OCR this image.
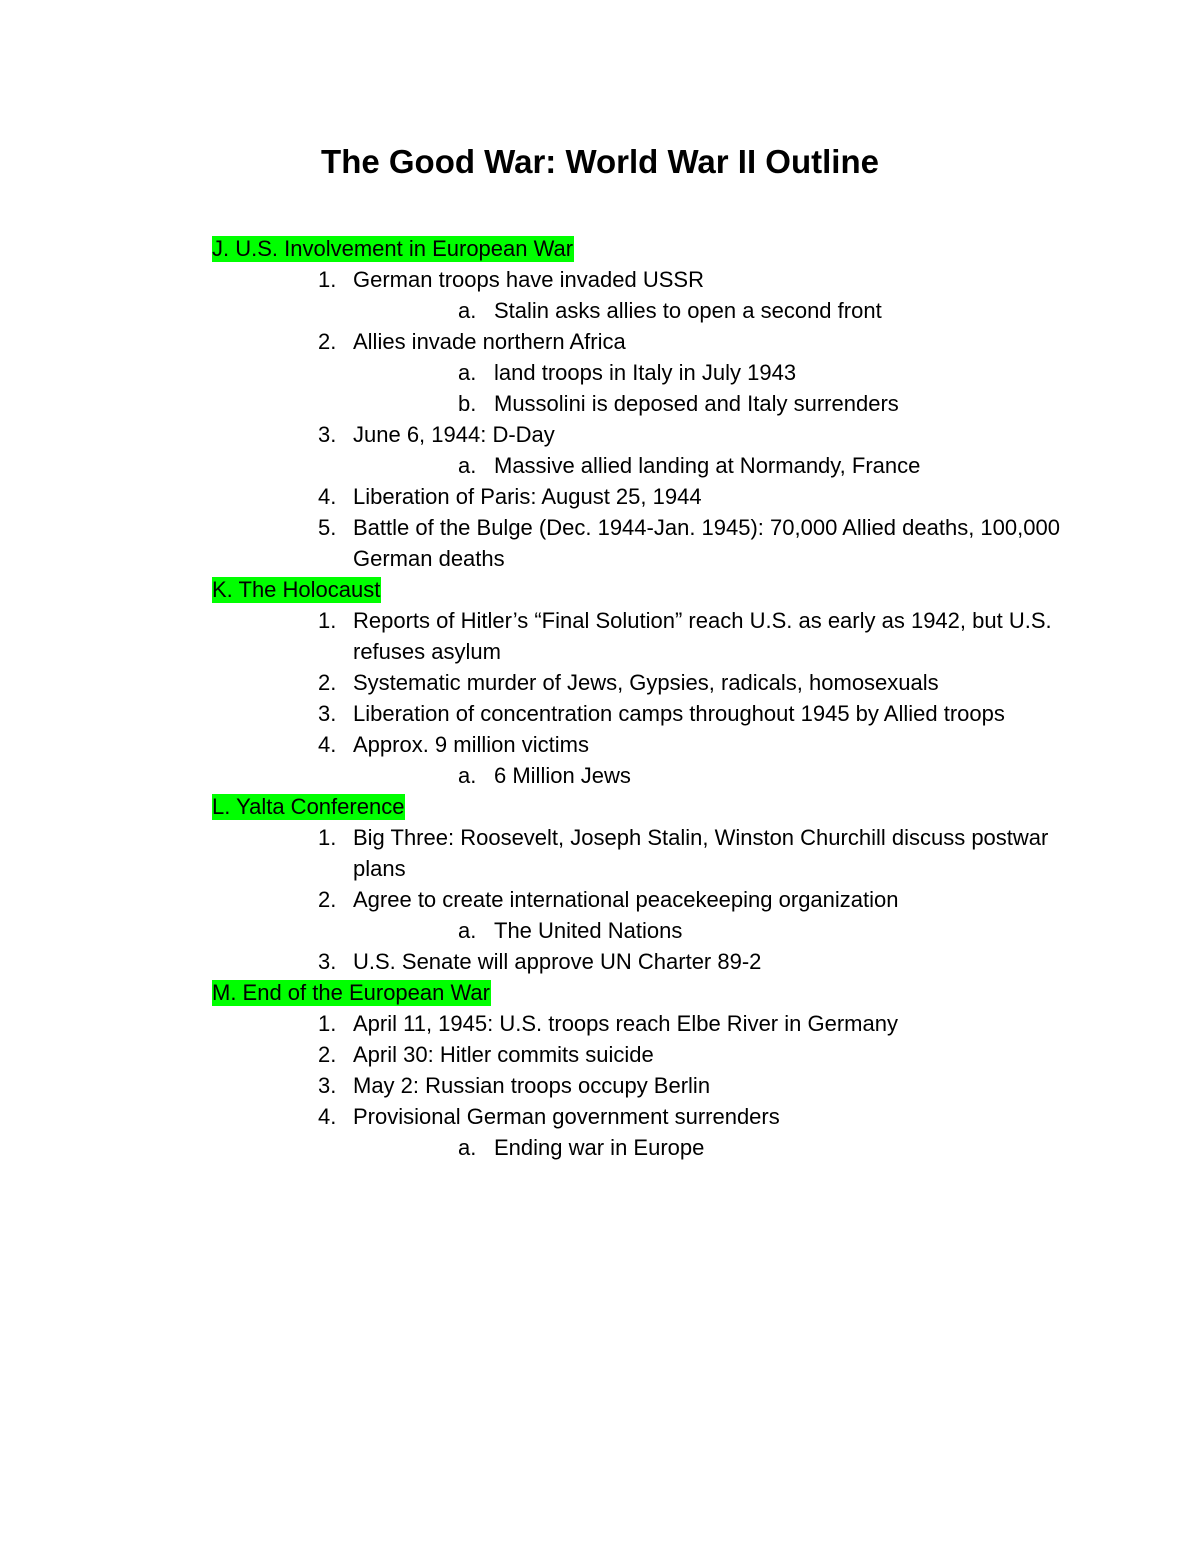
The Good War: World War II Outline
J. U.S. Involvement in European War
1. German troops have invaded USSR
a. Stalin asks allies to open a second front
2. Allies invade northern Africa
a. land troops in Italy in July 1943
b. Mussolini is deposed and Italy surrenders
3. June 6, 1944: D-Day
a. Massive allied landing at Normandy, France
4. Liberation of Paris: August 25, 1944
5. Battle of the Bulge (Dec. 1944-Jan. 1945): 70,000 Allied deaths, 100,000 German deaths
K. The Holocaust
1. Reports of Hitler’s “Final Solution” reach U.S. as early as 1942, but U.S. refuses asylum
2. Systematic murder of Jews, Gypsies, radicals, homosexuals
3. Liberation of concentration camps throughout 1945 by Allied troops
4. Approx. 9 million victims
a. 6 Million Jews
L. Yalta Conference
1. Big Three: Roosevelt, Joseph Stalin, Winston Churchill discuss postwar plans
2. Agree to create international peacekeeping organization
a. The United Nations
3. U.S. Senate will approve UN Charter 89-2
M. End of the European War
1. April 11, 1945: U.S. troops reach Elbe River in Germany
2. April 30: Hitler commits suicide
3. May 2: Russian troops occupy Berlin
4. Provisional German government surrenders
a. Ending war in Europe
